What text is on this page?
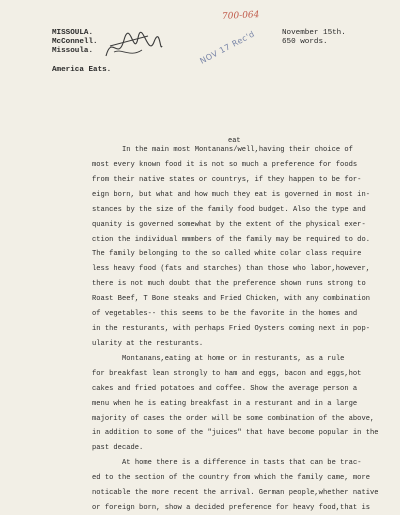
700-064
MISSOULA.
McConnell.
Missoula.
November 15th.
650 words.
America Eats.
NOV 17 Rec'd
eat
In the main most Montanans/well,having their choice of
most every known food it is not so much a preference for foods
from their native states or countrys, if they happen to be for-
eign born, but what and how much they eat is governed in most in-
stances by the size of the family food budget. Also the type and
quanity is governed somewhat by the extent of the physical exer-
ction the individual mmmbers of the family may be required to do.
The family belonging to the so called white colar class require
less heavy food (fats and starches) than those who labor,however,
there is not much doubt that the preference shown runs strong to
Roast Beef, T Bone steaks and Fried Chicken, with any combination
of vegetables-- this seems to be the favorite in the homes and
in the resturants, with perhaps Fried Oysters coming next in pop-
ularity at the resturants.
Montanans,eating at home or in resturants, as a rule
for breakfast lean strongly to ham and eggs, bacon and eggs,hot
cakes and fried potatoes and coffee. Show the average person a
menu when he is eating breakfast in a resturant and in a large
majority of cases the order will be some combination of the above,
in addition to some of the "juices" that have become popular in the
past decade.
At home there is a difference in tasts that can be trac-
ed to the section of the country from which the family came, more
noticable the more recent the arrival. German people,whether native
or foreign born, show a decided preference for heavy food,that is
